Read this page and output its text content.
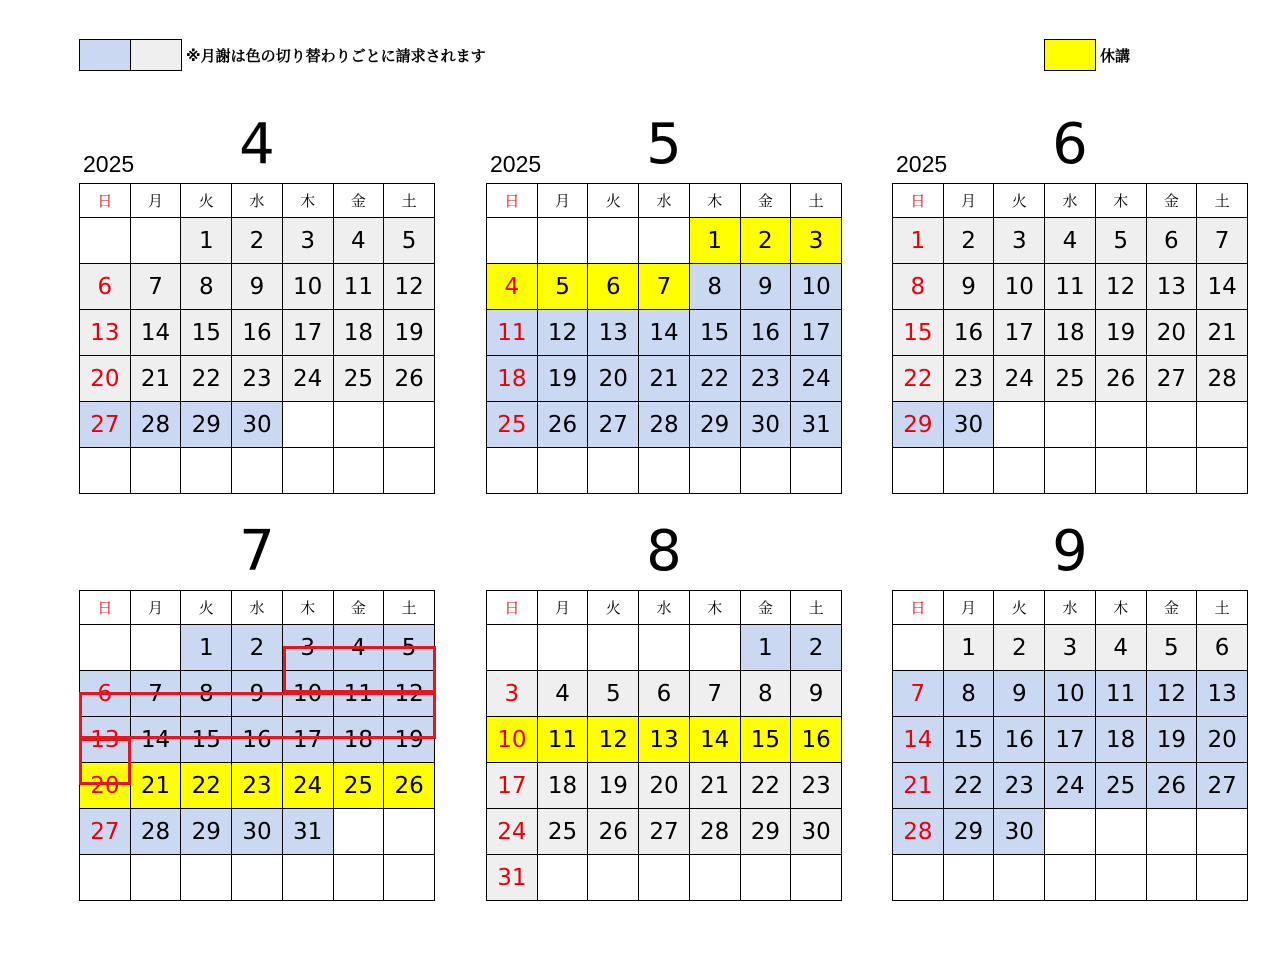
※月謝は色の切り替わりごとに請求されます	休講
4
2025
日	月	火	水	木	金	土
		1	2	3	4	5
6	7	8	9	10	11	12
13	14	15	16	17	18	19
20	21	22	23	24	25	26
27	28	29	30			

5
2025
日	月	火	水	木	金	土
				1	2	3
4	5	6	7	8	9	10
11	12	13	14	15	16	17
18	19	20	21	22	23	24
25	26	27	28	29	30	31

6
2025
日	月	火	水	木	金	土
1	2	3	4	5	6	7
8	9	10	11	12	13	14
15	16	17	18	19	20	21
22	23	24	25	26	27	28
29	30					

7
日	月	火	水	木	金	土
		1	2	3	4	5
6	7	8	9	10	11	12
13	14	15	16	17	18	19
20	21	22	23	24	25	26
27	28	29	30	31		

8
日	月	火	水	木	金	土
					1	2
3	4	5	6	7	8	9
10	11	12	13	14	15	16
17	18	19	20	21	22	23
24	25	26	27	28	29	30
31						
9
日	月	火	水	木	金	土
	1	2	3	4	5	6
7	8	9	10	11	12	13
14	15	16	17	18	19	20
21	22	23	24	25	26	27
28	29	30				
